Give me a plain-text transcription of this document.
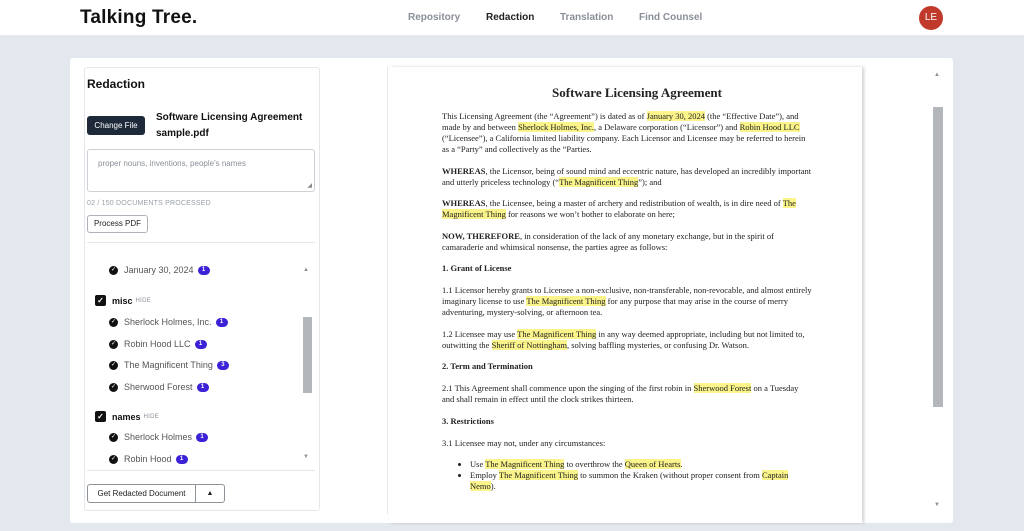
Talking Tree.	Repository	Redaction	Translation	Find Counsel	LE
Redaction
Change File
Software Licensing Agreement sample.pdf
proper nouns, inventions, people's names
◢
02 / 150 DOCUMENTS PROCESSED
Process PDF
✓ January 30, 2024	1	▲
✓ misc HIDE
✓ Sherlock Holmes, Inc.	1
✓ Robin Hood LLC	1
✓ The Magnificent Thing	3
✓ Sherwood Forest	1
✓ names HIDE
✓ Sherlock Holmes	1
✓ Robin Hood	1	▼
Get Redacted Document	▲
Software Licensing Agreement

This Licensing Agreement (the “Agreement”) is dated as of January 30, 2024 (the “Effective Date”), and made by and between Sherlock Holmes, Inc., a Delaware corporation (“Licensor”) and Robin Hood LLC (“Licensee”), a California limited liability company. Each Licensor and Licensee may be referred to herein as a “Party” and collectively as the “Parties.

WHEREAS, the Licensor, being of sound mind and eccentric nature, has developed an incredibly important and utterly priceless technology (“The Magnificent Thing”); and

WHEREAS, the Licensee, being a master of archery and redistribution of wealth, is in dire need of The Magnificent Thing for reasons we won’t bother to elaborate on here;

NOW, THEREFORE, in consideration of the lack of any monetary exchange, but in the spirit of camaraderie and whimsical nonsense, the parties agree as follows:

1. Grant of License

1.1 Licensor hereby grants to Licensee a non-exclusive, non-transferable, non-revocable, and almost entirely imaginary license to use The Magnificent Thing for any purpose that may arise in the course of merry adventuring, mystery-solving, or afternoon tea.

1.2 Licensee may use The Magnificent Thing in any way deemed appropriate, including but not limited to, outwitting the Sheriff of Nottingham, solving baffling mysteries, or confusing Dr. Watson.

2. Term and Termination

2.1 This Agreement shall commence upon the singing of the first robin in Sherwood Forest on a Tuesday and shall remain in effect until the clock strikes thirteen.

3. Restrictions

3.1 Licensee may not, under any circumstances:

• Use The Magnificent Thing to overthrow the Queen of Hearts.
• Employ The Magnificent Thing to summon the Kraken (without proper consent from Captain Nemo).
▲
▼
